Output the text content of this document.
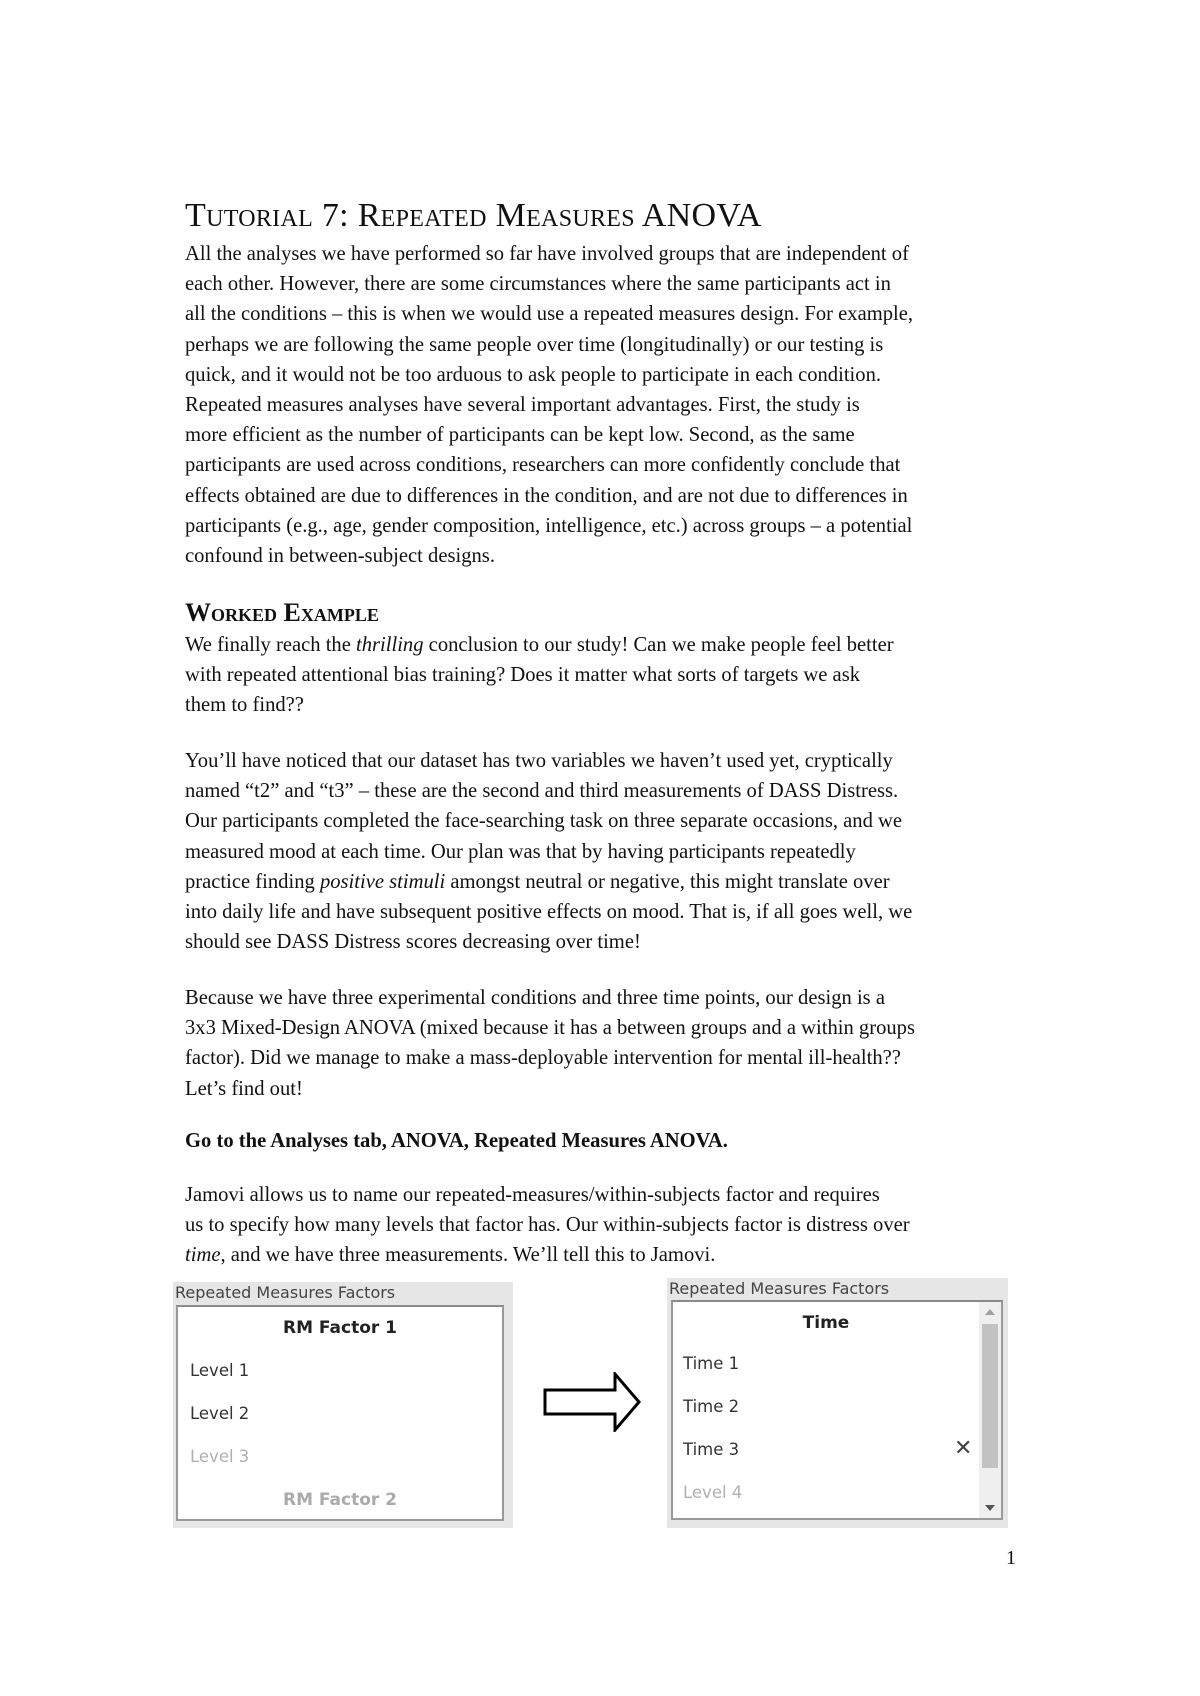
Tutorial 7: Repeated Measures ANOVA
All the analyses we have performed so far have involved groups that are independent of
each other. However, there are some circumstances where the same participants act in
all the conditions – this is when we would use a repeated measures design. For example,
perhaps we are following the same people over time (longitudinally) or our testing is
quick, and it would not be too arduous to ask people to participate in each condition.
Repeated measures analyses have several important advantages. First, the study is
more efficient as the number of participants can be kept low. Second, as the same
participants are used across conditions, researchers can more confidently conclude that
effects obtained are due to differences in the condition, and are not due to differences in
participants (e.g., age, gender composition, intelligence, etc.) across groups – a potential
confound in between-subject designs.
Worked Example
We finally reach the thrilling conclusion to our study! Can we make people feel better
with repeated attentional bias training? Does it matter what sorts of targets we ask
them to find??
You’ll have noticed that our dataset has two variables we haven’t used yet, cryptically
named “t2” and “t3” – these are the second and third measurements of DASS Distress.
Our participants completed the face-searching task on three separate occasions, and we
measured mood at each time. Our plan was that by having participants repeatedly
practice finding positive stimuli amongst neutral or negative, this might translate over
into daily life and have subsequent positive effects on mood. That is, if all goes well, we
should see DASS Distress scores decreasing over time!
Because we have three experimental conditions and three time points, our design is a
3x3 Mixed-Design ANOVA (mixed because it has a between groups and a within groups
factor). Did we manage to make a mass-deployable intervention for mental ill-health??
Let’s find out!
Go to the Analyses tab, ANOVA, Repeated Measures ANOVA.
Jamovi allows us to name our repeated-measures/within-subjects factor and requires
us to specify how many levels that factor has. Our within-subjects factor is distress over
time, and we have three measurements. We’ll tell this to Jamovi.
Repeated Measures Factors
RM Factor 1
Level 1
Level 2
Level 3
RM Factor 2
Repeated Measures Factors
Time
Time 1
Time 2
Time 3	✕
Level 4
1
